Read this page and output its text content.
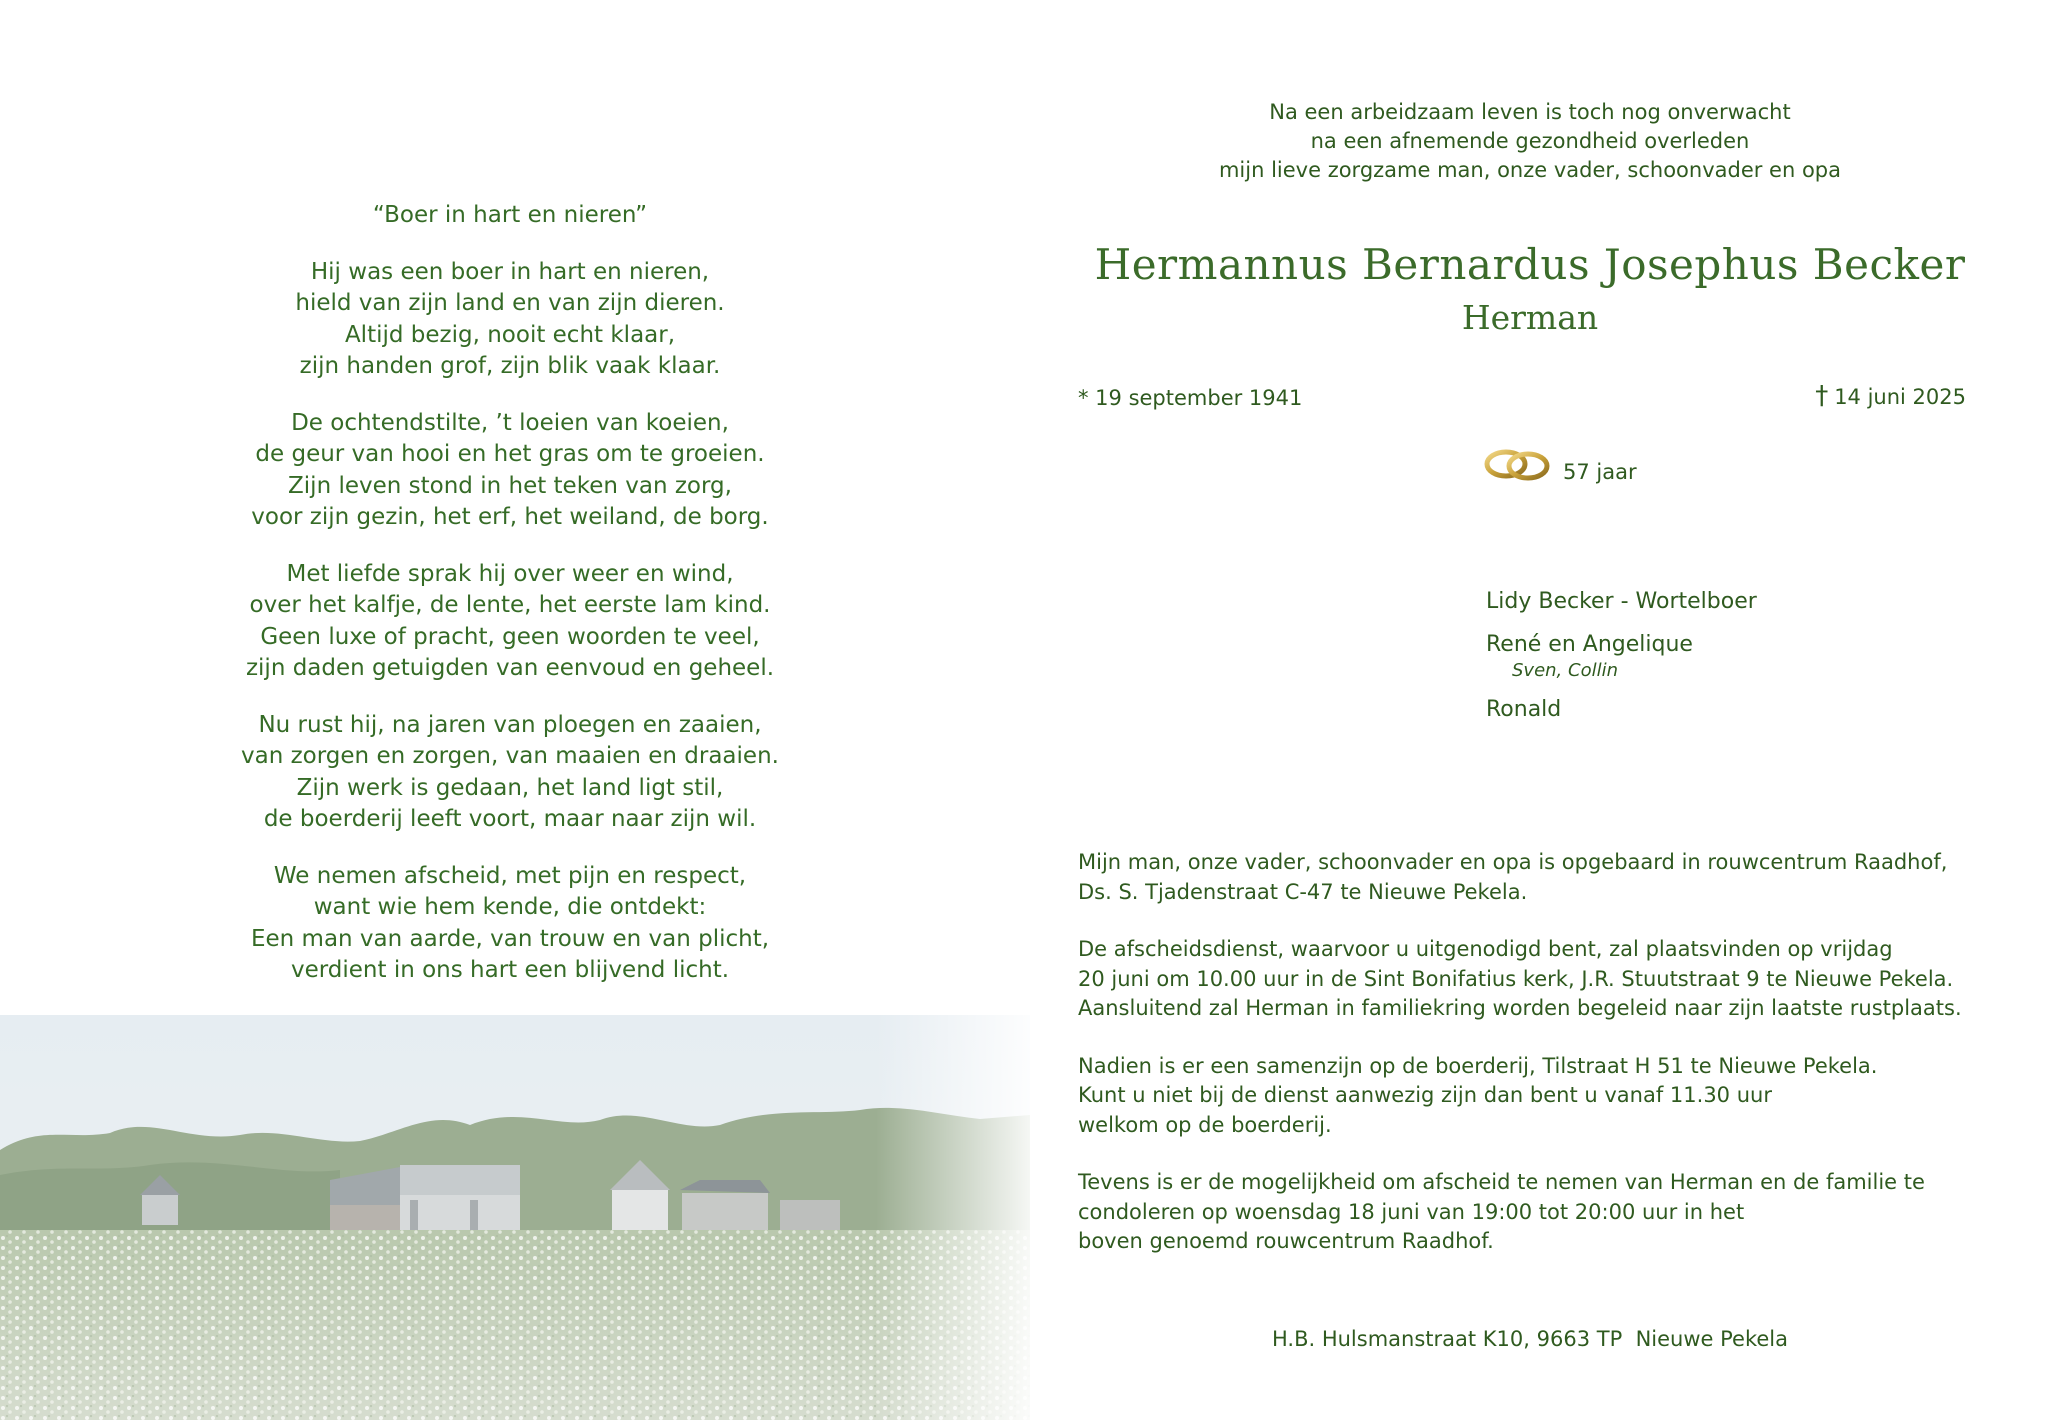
“Boer in hart en nieren”
Hij was een boer in hart en nieren,
hield van zijn land en van zijn dieren.
Altijd bezig, nooit echt klaar,
zijn handen grof, zijn blik vaak klaar.
De ochtendstilte, ’t loeien van koeien,
de geur van hooi en het gras om te groeien.
Zijn leven stond in het teken van zorg,
voor zijn gezin, het erf, het weiland, de borg.
Met liefde sprak hij over weer en wind,
over het kalfje, de lente, het eerste lam kind.
Geen luxe of pracht, geen woorden te veel,
zijn daden getuigden van eenvoud en geheel.
Nu rust hij, na jaren van ploegen en zaaien,
van zorgen en zorgen, van maaien en draaien.
Zijn werk is gedaan, het land ligt stil,
de boerderij leeft voort, maar naar zijn wil.
We nemen afscheid, met pijn en respect,
want wie hem kende, die ontdekt:
Een man van aarde, van trouw en van plicht,
verdient in ons hart een blijvend licht.
Na een arbeidzaam leven is toch nog onverwacht
na een afnemende gezondheid overleden
mijn lieve zorgzame man, onze vader, schoonvader en opa
Hermannus Bernardus Josephus Becker
Herman
* 19 september 1941	† 14 juni 2025
57 jaar
Lidy Becker - Wortelboer
René en Angelique
Sven, Collin
Ronald
Mijn man, onze vader, schoonvader en opa is opgebaard in rouwcentrum Raadhof,
Ds. S. Tjadenstraat C-47 te Nieuwe Pekela.
De afscheidsdienst, waarvoor u uitgenodigd bent, zal plaatsvinden op vrijdag
20 juni om 10.00 uur in de Sint Bonifatius kerk, J.R. Stuutstraat 9 te Nieuwe Pekela.
Aansluitend zal Herman in familiekring worden begeleid naar zijn laatste rustplaats.
Nadien is er een samenzijn op de boerderij, Tilstraat H 51 te Nieuwe Pekela.
Kunt u niet bij de dienst aanwezig zijn dan bent u vanaf 11.30 uur
welkom op de boerderij.
Tevens is er de mogelijkheid om afscheid te nemen van Herman en de familie te
condoleren op woensdag 18 juni van 19:00 tot 20:00 uur in het
boven genoemd rouwcentrum Raadhof.
H.B. Hulsmanstraat K10, 9663 TP  Nieuwe Pekela
